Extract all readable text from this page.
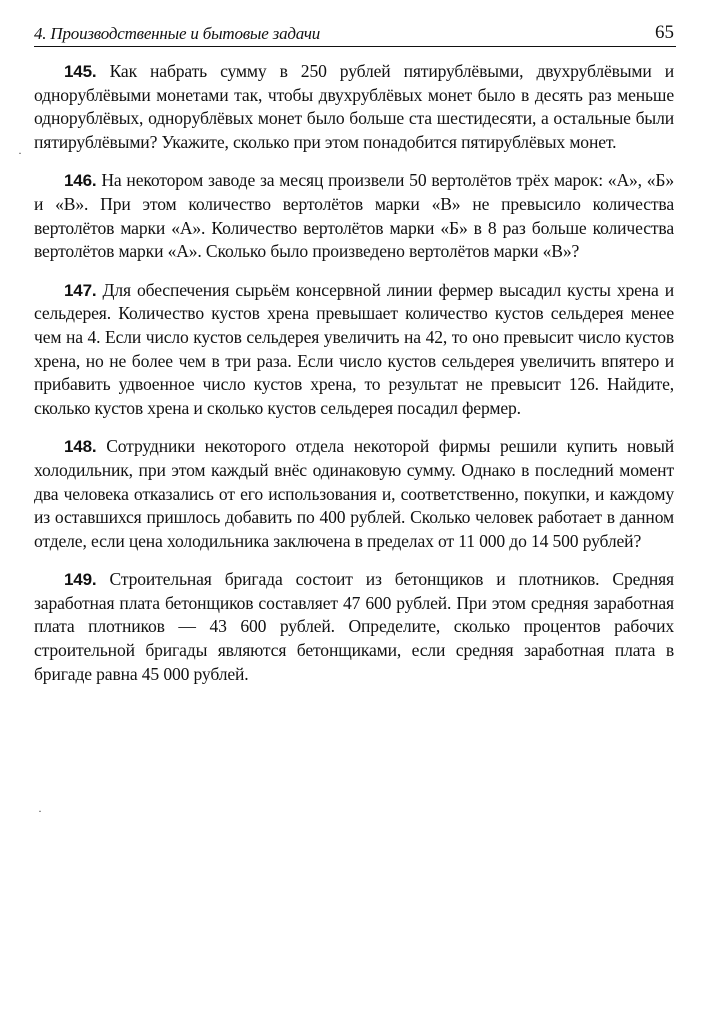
4. Производственные и бытовые задачи	65

145. Как набрать сумму в 250 рублей пятирублёвыми, двухрублёвыми и одноpублёвыми монетами так, чтобы двухрублёвых монет было в десять раз меньше одноpублёвых, одноpублёвых монет было больше ста шестидесяти, а остальные были пятирублёвыми? Укажите, сколько при этом понадобится пятирублёвых монет.

146. На некотором заводе за месяц произвели 50 вертолётов трёх марок: «А», «Б» и «В». При этом количество вертолётов марки «В» не превысило количества вертолётов марки «А». Количество вертолётов марки «Б» в 8 раз больше количества вертолётов марки «А». Сколько было произведено вертолётов марки «В»?

147. Для обеспечения сырьём консервной линии фермер высадил кусты хрена и сельдерея. Количество кустов хрена превышает количество кустов сельдерея менее чем на 4. Если число кустов сельдерея увеличить на 42, то оно превысит число кустов хрена, но не более чем в три раза. Если число кустов сельдерея увеличить впятеро и прибавить удвоенное число кустов хрена, то результат не превысит 126. Найдите, сколько кустов хрена и сколько кустов сельдерея посадил фермер.

148. Сотрудники некоторого отдела некоторой фирмы решили купить новый холодильник, при этом каждый внёс одинаковую сумму. Однако в последний момент два человека отказались от его использования и, соответственно, покупки, и каждому из оставшихся пришлось добавить по 400 рублей. Сколько человек работает в данном отделе, если цена холодильника заключена в пределах от 11 000 до 14 500 рублей?

149. Строительная бригада состоит из бетонщиков и плотников. Средняя заработная плата бетонщиков составляет 47 600 рублей. При этом средняя заработная плата плотников — 43 600 рублей. Определите, сколько процентов рабочих строительной бригады являются бетонщиками, если средняя заработная плата в бригаде равна 45 000 рублей.

·
·
